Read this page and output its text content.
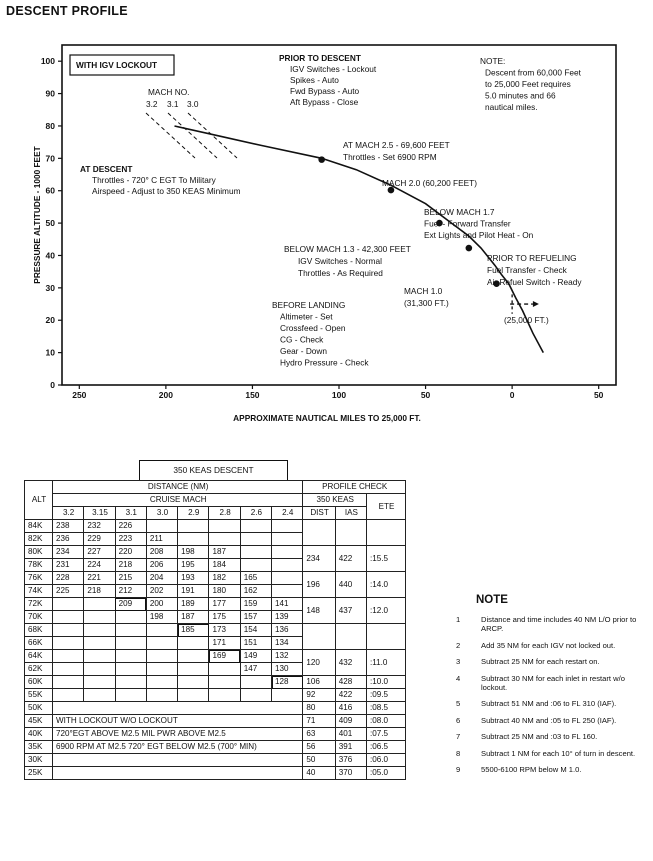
DESCENT PROFILE
0
10
20
30
40
50
60
70
80
90
100
250	200	150	100	50	0	50
APPROXIMATE NAUTICAL MILES TO 25,000 FT.
PRESSURE ALTITUDE - 1000 FEET
MACH NO.
3.2 3.1 3.0
WITH IGV LOCKOUT
PRIOR TO DESCENT
IGV Switches - Lockout
Spikes - Auto
Fwd Bypass - Auto
Aft Bypass - Close
NOTE:
Descent from 60,000 Feet
to 25,000 Feet requires
5.0 minutes and 66
nautical miles.
AT DESCENT
Throttles - 720° C EGT To Military
Airspeed - Adjust to 350 KEAS Minimum
AT MACH 2.5 - 69,600 FEET
Throttles - Set 6900 RPM
MACH 2.0 (60,200 FEET)
BELOW MACH 1.7
Fuel - Forward Transfer
Ext Lights and Pilot Heat - On
BELOW MACH 1.3 - 42,300 FEET
IGV Switches - Normal
Throttles - As Required
PRIOR TO REFUELING
Fuel Transfer - Check
Air Refuel Switch - Ready
MACH 1.0
(31,300 FT.)
(25,000 FT.)
BEFORE LANDING
Altimeter - Set
Crossfeed - Open
CG - Check
Gear - Down
Hydro Pressure - Check
350 KEAS DESCENT
ALT	DISTANCE (NM)								PROFILE CHECK		
	CRUISE MACH								350 KEAS		ETE
	3.2	3.15	3.1	3.0	2.9	2.8	2.6	2.4	DIST	IAS	
84K	238	232	226								
82K	236	229	223	211							
80K	234	227	220	208	198	187			234	422	:15.5
78K	231	224	218	206	195	184					
76K	228	221	215	204	193	182	165		196	440	:14.0
74K	225	218	212	202	191	180	162				
72K			209	200	189	177	159	141	148	437	:12.0
70K				198	187	175	157	139			
68K					185	173	154	136			
66K						171	151	134			
64K						169	149	132	120	432	:11.0
62K							147	130			
60K								128	106	428	:10.0
55K									92	422	:09.5
50K									80	416	:08.5
45K	WITH LOCKOUT W/O LOCKOUT								71	409	:08.0
40K	720°EGT ABOVE M2.5 MIL PWR ABOVE M2.5								63	401	:07.5
35K	6900 RPM AT M2.5 720° EGT BELOW M2.5 (700° MIN)								56	391	:06.5
30K									50	376	:06.0
25K									40	370	:05.0
NOTE
1	Distance and time includes 40 NM L/O prior to ARCP.
2	Add 35 NM for each IGV not locked out.
3	Subtract 25 NM for each restart on.
4	Subtract 30 NM for each inlet in restart w/o lockout.
5	Subtract 51 NM and :06 to FL 310 (IAF).
6	Subtract 40 NM and :05 to FL 250 (IAF).
7	Subtract 25 NM and :03 to FL 160.
8	Subtract 1 NM for each 10° of turn in descent.
9	5500-6100 RPM below M 1.0.
